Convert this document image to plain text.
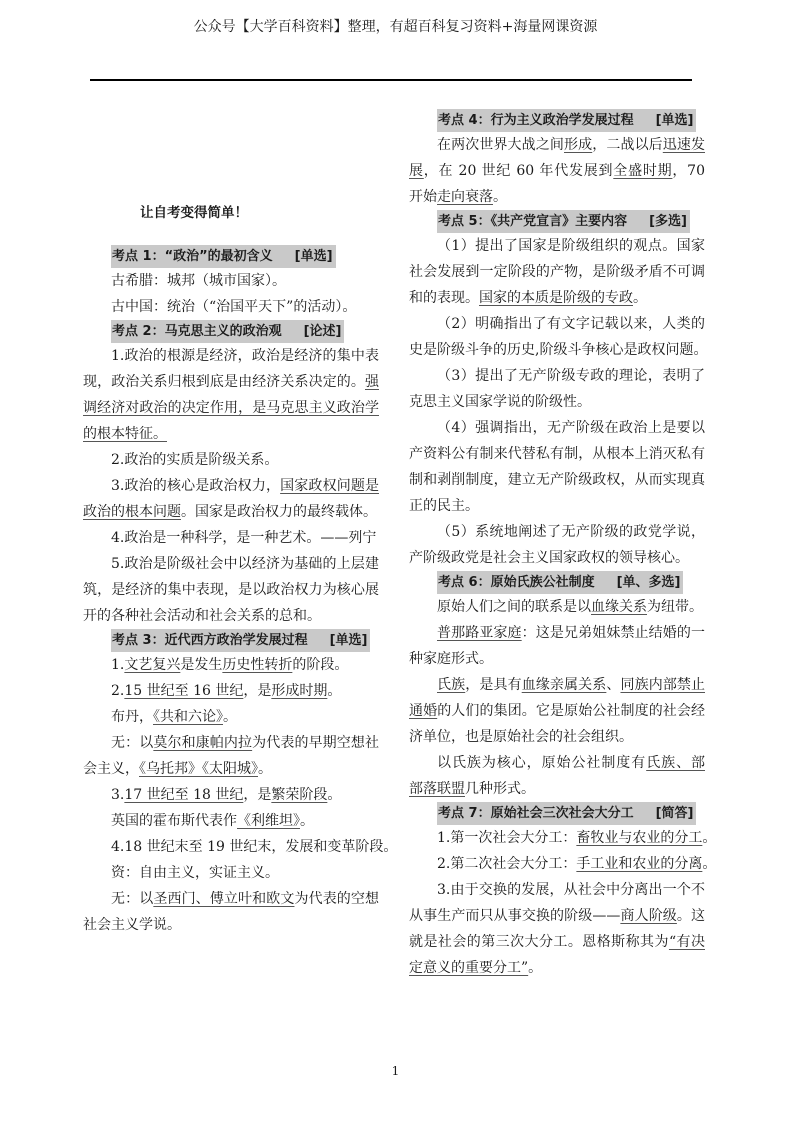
公众号【大学百科资料】整理，有超百科复习资料+海量网课资源
让自考变得简单！
考点 1：“政治”的最初含义 [单选]
古希腊：城邦（城市国家）。
古中国：统治（“治国平天下”的活动）。
考点 2：马克思主义的政治观 [论述]
1.政治的根源是经济，政治是经济的集中表
现，政治关系归根到底是由经济关系决定的。强
调经济对政治的决定作用，是马克思主义政治学
的根本特征。
2.政治的实质是阶级关系。
3.政治的核心是政治权力，国家政权问题是
政治的根本问题。国家是政治权力的最终载体。
4.政治是一种科学，是一种艺术。——列宁
5.政治是阶级社会中以经济为基础的上层建
筑，是经济的集中表现，是以政治权力为核心展
开的各种社会活动和社会关系的总和。
考点 3：近代西方政治学发展过程 [单选]
1.文艺复兴是发生历史性转折的阶段。
2.15 世纪至 16 世纪，是形成时期。
布丹，《共和六论》。
无：以莫尔和康帕内拉为代表的早期空想社
会主义，《乌托邦》《太阳城》。
3.17 世纪至 18 世纪，是繁荣阶段。
英国的霍布斯代表作《利维坦》。
4.18 世纪末至 19 世纪末，发展和变革阶段。
资：自由主义，实证主义。
无：以圣西门、傅立叶和欧文为代表的空想
社会主义学说。
考点 4：行为主义政治学发展过程 [单选]
在两次世界大战之间形成，二战以后迅速发
展，在 20 世纪 60 年代发展到全盛时期，70
开始走向衰落。
考点 5：《共产党宣言》主要内容 [多选]
（1）提出了国家是阶级组织的观点。国家
社会发展到一定阶段的产物，是阶级矛盾不可调
和的表现。国家的本质是阶级的专政。
（2）明确指出了有文字记载以来，人类的
史是阶级斗争的历史,阶级斗争核心是政权问题。
（3）提出了无产阶级专政的理论，表明了
克思主义国家学说的阶级性。
（4）强调指出，无产阶级在政治上是要以
产资料公有制来代替私有制，从根本上消灭私有
制和剥削制度，建立无产阶级政权，从而实现真
正的民主。
（5）系统地阐述了无产阶级的政党学说，
产阶级政党是社会主义国家政权的领导核心。
考点 6：原始氏族公社制度 [单、多选]
原始人们之间的联系是以血缘关系为纽带。
普那路亚家庭：这是兄弟姐妹禁止结婚的一
种家庭形式。
氏族，是具有血缘亲属关系、同族内部禁止
通婚的人们的集团。它是原始公社制度的社会经
济单位，也是原始社会的社会组织。
以氏族为核心，原始公社制度有氏族、部
部落联盟几种形式。
考点 7：原始社会三次社会大分工 [简答]
1.第一次社会大分工：畜牧业与农业的分工。
2.第二次社会大分工：手工业和农业的分离。
3.由于交换的发展，从社会中分离出一个不
从事生产而只从事交换的阶级——商人阶级。这
就是社会的第三次大分工。恩格斯称其为“有决
定意义的重要分工”。
1
